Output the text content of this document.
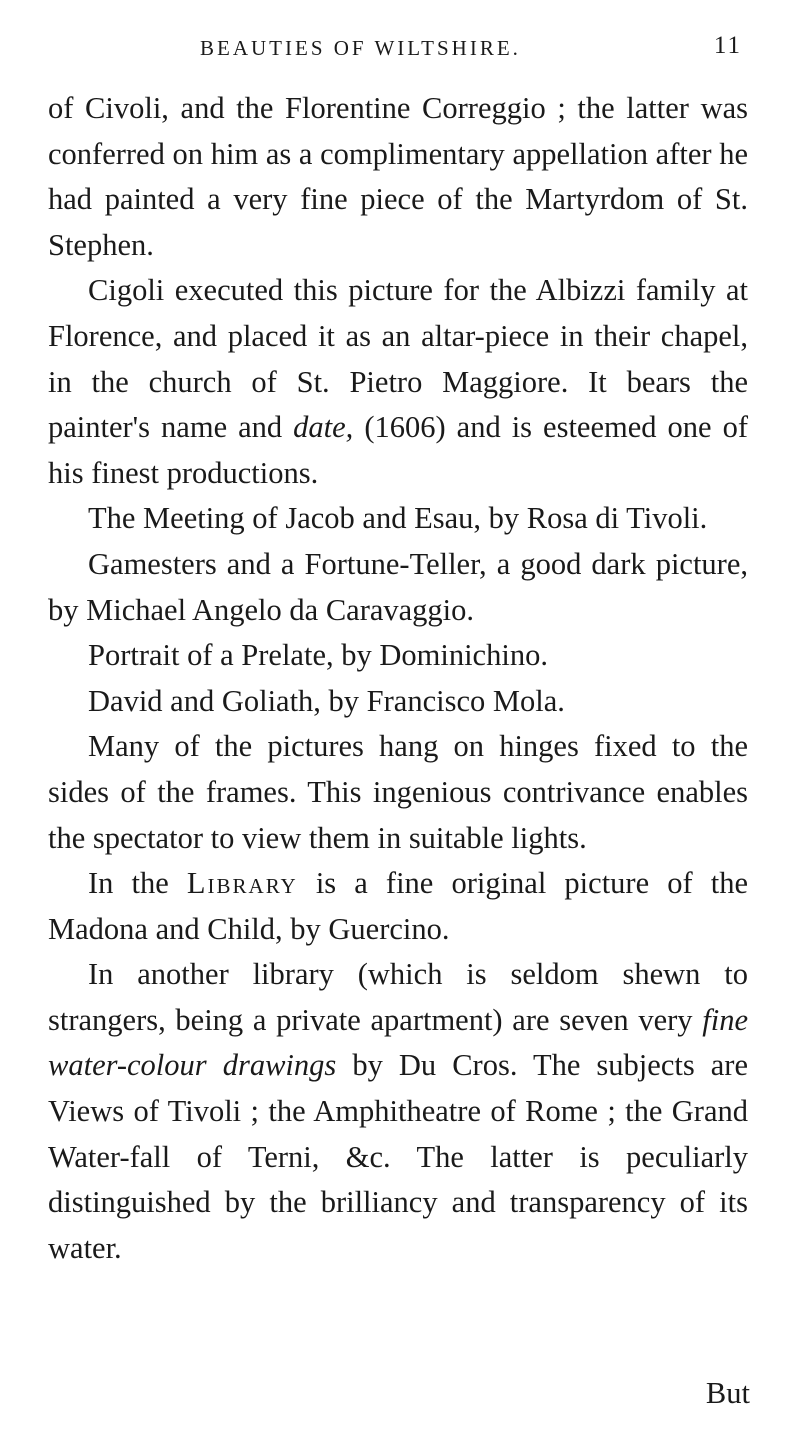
BEAUTIES OF WILTSHIRE.	11

of Civoli, and the Florentine Correggio ; the latter was conferred on him as a complimentary appellation after he had painted a very fine piece of the Martyrdom of St. Stephen.

Cigoli executed this picture for the Albizzi family at Florence, and placed it as an altar-piece in their chapel, in the church of St. Pietro Maggiore. It bears the painter's name and date, (1606) and is esteemed one of his finest productions.

The Meeting of Jacob and Esau, by Rosa di Tivoli.

Gamesters and a Fortune-Teller, a good dark picture, by Michael Angelo da Caravaggio.

Portrait of a Prelate, by Dominichino.

David and Goliath, by Francisco Mola.

Many of the pictures hang on hinges fixed to the sides of the frames. This ingenious contrivance enables the spectator to view them in suitable lights.

In the Library is a fine original picture of the Madona and Child, by Guercino.

In another library (which is seldom shewn to strangers, being a private apartment) are seven very fine water-colour drawings by Du Cros. The subjects are Views of Tivoli ; the Amphitheatre of Rome ; the Grand Water-fall of Terni, &c. The latter is peculiarly distinguished by the brilliancy and transparency of its water.

But
